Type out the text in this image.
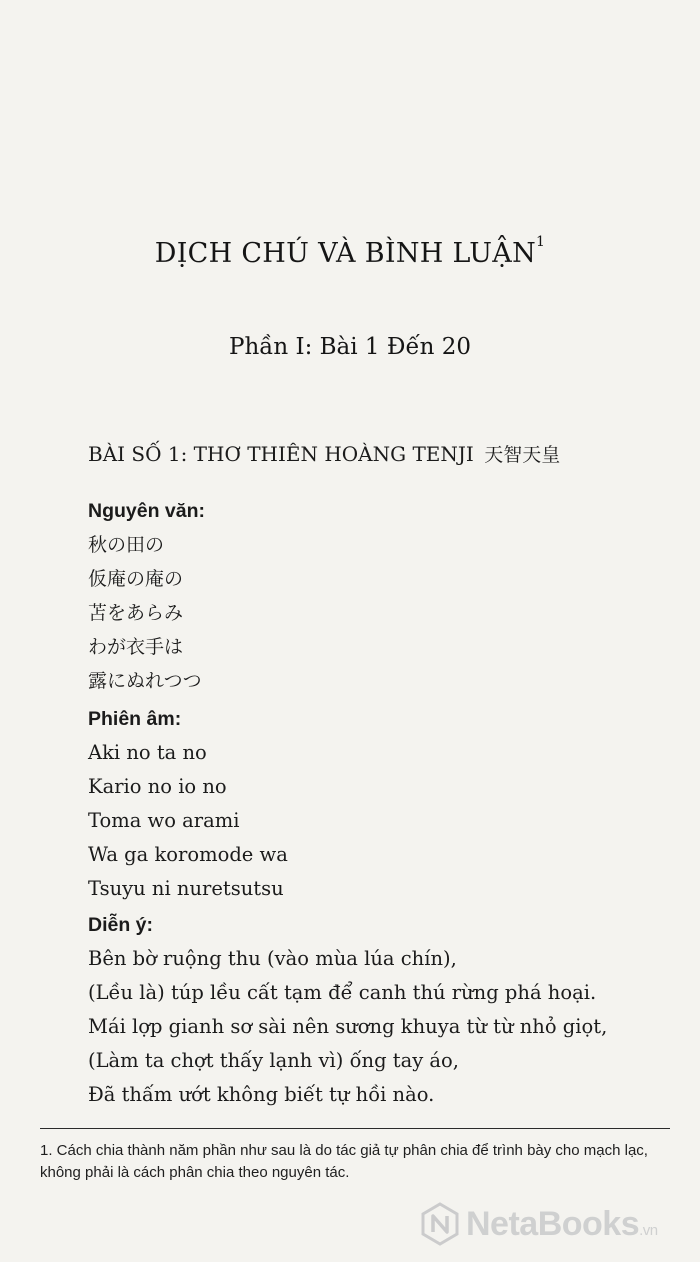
DỊCH CHÚ VÀ BÌNH LUẬN$^1$
Phần I: Bài 1 Đến 20
BÀI SỐ 1: THƠ THIÊN HOÀNG TENJI 天智天皇
Nguyên văn:
秋の田の
仮庵の庵の
苫をあらみ
わが衣手は
露にぬれつつ
Phiên âm:
Aki no ta no
Kario no io no
Toma wo arami
Wa ga koromode wa
Tsuyu ni nuretsutsu
Diễn ý:
Bên bờ ruộng thu (vào mùa lúa chín),
(Lều là) túp lều cất tạm để canh thú rừng phá hoại.
Mái lợp gianh sơ sài nên sương khuya từ từ nhỏ giọt,
(Làm ta chợt thấy lạnh vì) ống tay áo,
Đã thấm ướt không biết tự hồi nào.
1. Cách chia thành năm phần như sau là do tác giả tự phân chia để trình bày cho mạch lạc, không phải là cách phân chia theo nguyên tác.
NetaBooks.vn
